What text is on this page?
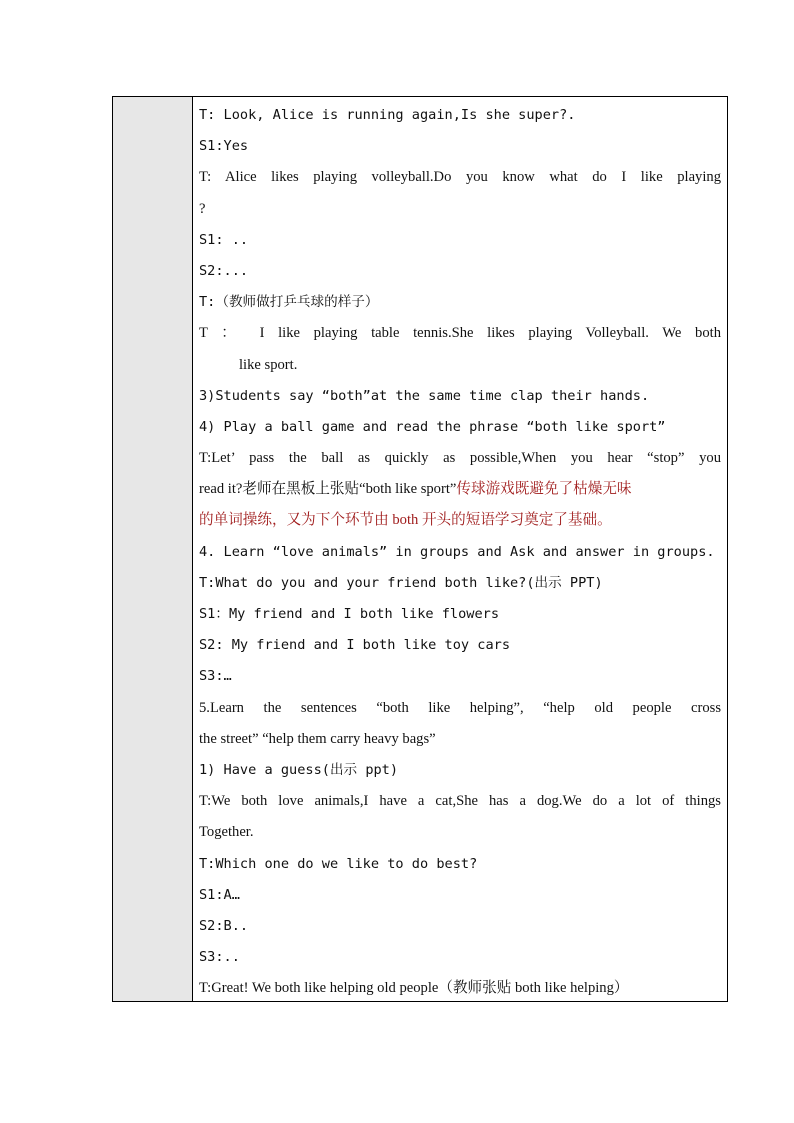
T: Look, Alice is running again,Is she super?.
S1:Yes
T: Alice likes playing volleyball.Do you know what do I like playing
?
S1: ..
S2:...
T:（教师做打乒乓球的样子）
T ： I like playing table tennis.She likes playing Volleyball. We both
like sport.
3)Students say “both”at the same time clap their hands.
4) Play a ball game and read the phrase “both like sport”
T:Let’ pass the ball as quickly as possible,When you hear “stop” you
read it?老师在黑板上张贴“both like sport”传球游戏既避免了枯燥无味
的单词操练，又为下个环节由 both 开头的短语学习奠定了基础。
4. Learn “love animals” in groups and Ask and answer in groups.
T:What do you and your friend both like?(出示 PPT)
S1：My friend and I both like flowers
S2: My friend and I both like toy cars
S3:…
5.Learn the sentences “both like helping”, “help old people cross
the street” “help them carry heavy bags”
1) Have a guess(出示 ppt)
T:We both love animals,I have a cat,She has a dog.We do a lot of things
Together.
T:Which one do we like to do best?
S1:A…
S2:B..
S3:..
T:Great! We both like helping old people（教师张贴 both like helping）
